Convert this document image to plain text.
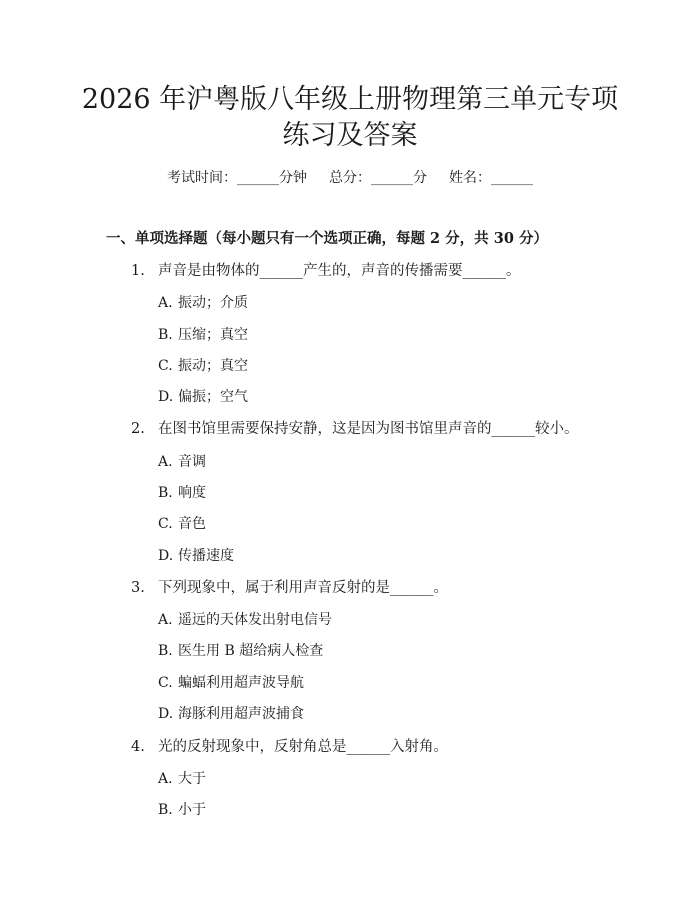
2026 年沪粤版八年级上册物理第三单元专项
练习及答案
考试时间：______分钟 总分：______分 姓名：______
一、单项选择题（每小题只有一个选项正确，每题 2 分，共 30 分）
1. 声音是由物体的______产生的，声音的传播需要______。
A. 振动；介质
B. 压缩；真空
C. 振动；真空
D. 偏振；空气
2. 在图书馆里需要保持安静，这是因为图书馆里声音的______较小。
A. 音调
B. 响度
C. 音色
D. 传播速度
3. 下列现象中，属于利用声音反射的是______。
A. 遥远的天体发出射电信号
B. 医生用 B 超给病人检查
C. 蝙蝠利用超声波导航
D. 海豚利用超声波捕食
4. 光的反射现象中，反射角总是______入射角。
A. 大于
B. 小于
